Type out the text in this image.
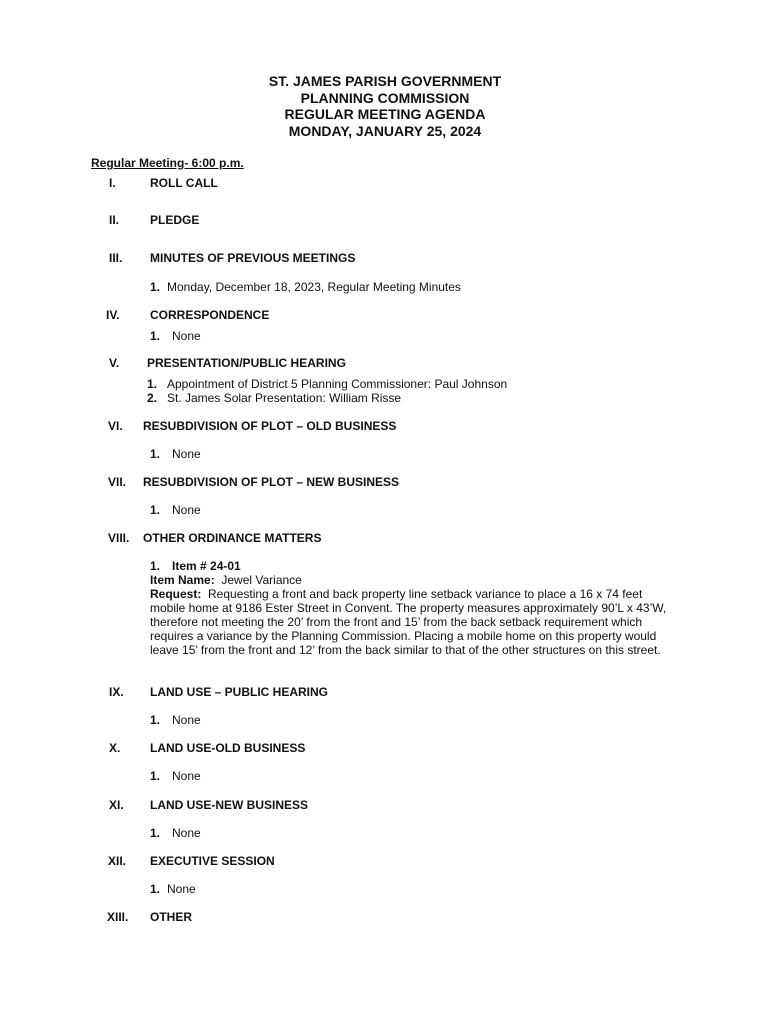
ST. JAMES PARISH GOVERNMENT
PLANNING COMMISSION
REGULAR MEETING AGENDA
MONDAY, JANUARY 25, 2024
Regular Meeting- 6:00 p.m.
I.	ROLL CALL
II.	PLEDGE
III. MINUTES OF PREVIOUS MEETINGS
1. Monday, December 18, 2023, Regular Meeting Minutes
IV.	CORRESPONDENCE
1. None
V. PRESENTATION/PUBLIC HEARING
1. Appointment of District 5 Planning Commissioner: Paul Johnson
2. St. James Solar Presentation: William Risse
VI. RESUBDIVISION OF PLOT – OLD BUSINESS
1. None
VII. RESUBDIVISION OF PLOT – NEW BUSINESS
1. None
VIII. OTHER ORDINANCE MATTERS
1. Item # 24-01
Item Name: Jewel Variance
Request: Requesting a front and back property line setback variance to place a 16 x 74 feet mobile home at 9186 Ester Street in Convent. The property measures approximately 90’L x 43’W, therefore not meeting the 20’ from the front and 15’ from the back setback requirement which requires a variance by the Planning Commission. Placing a mobile home on this property would leave 15’ from the front and 12’ from the back similar to that of the other structures on this street.
IX. LAND USE – PUBLIC HEARING
1. None
X. LAND USE-OLD BUSINESS
1. None
XI. LAND USE-NEW BUSINESS
1. None
XII. EXECUTIVE SESSION
1. None
XIII. OTHER
